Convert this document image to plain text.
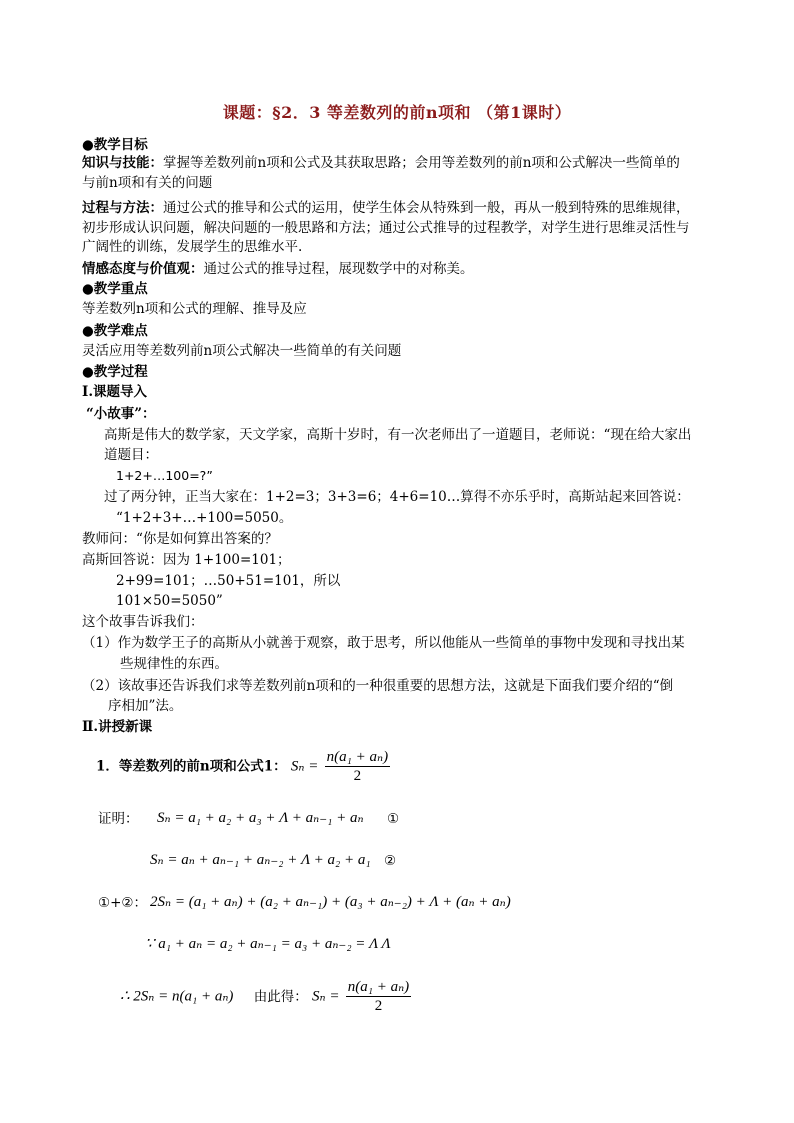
课题：§2．3 等差数列的前n项和 （第1课时）
●教学目标
知识与技能：掌握等差数列前n项和公式及其获取思路；会用等差数列的前n项和公式解决一些简单的
与前n项和有关的问题
过程与方法：通过公式的推导和公式的运用，使学生体会从特殊到一般，再从一般到特殊的思维规律，
初步形成认识问题，解决问题的一般思路和方法；通过公式推导的过程教学，对学生进行思维灵活性与
广阔性的训练，发展学生的思维水平.
情感态度与价值观：通过公式的推导过程，展现数学中的对称美。
●教学重点
等差数列n项和公式的理解、推导及应
●教学难点
灵活应用等差数列前n项公式解决一些简单的有关问题
●教学过程
Ⅰ.课题导入
“小故事”：
高斯是伟大的数学家，天文学家，高斯十岁时，有一次老师出了一道题目，老师说：“现在给大家出
道题目：
1+2+…100=?”
过了两分钟，正当大家在：1+2=3；3+3=6；4+6=10…算得不亦乐乎时，高斯站起来回答说：
“1+2+3+…+100=5050。
教师问：“你是如何算出答案的？
高斯回答说：因为 1+100=101；
2+99=101；…50+51=101，所以
101×50=5050”
这个故事告诉我们：
（1）作为数学王子的高斯从小就善于观察，敢于思考，所以他能从一些简单的事物中发现和寻找出某
些规律性的东西。
（2）该故事还告诉我们求等差数列前n项和的一种很重要的思想方法，这就是下面我们要介绍的“倒
序相加”法。
Ⅱ.讲授新课
1．等差数列的前n项和公式1： $S_n = \frac{\text{n(a₁ + aₙ)}}{2}$
证明： Sₙ = a₁ + a₂ + a₃ + Λ + aₙ₋₁ + aₙ ①
Sₙ = aₙ + aₙ₋₁ + aₙ₋₂ + Λ + a₂ + a₁ ②
①+②： 2Sₙ = (a₁ + aₙ) + (a₂ + aₙ₋₁) + (a₃ + aₙ₋₂) + Λ + (aₙ + aₙ)
∵ a₁ + aₙ = a₂ + aₙ₋₁ = a₃ + aₙ₋₂ = Λ Λ
∴ 2Sₙ = n(a₁ + aₙ) 由此得： $S_n = \frac{\text{n(a₁ + aₙ)}}{2}$
